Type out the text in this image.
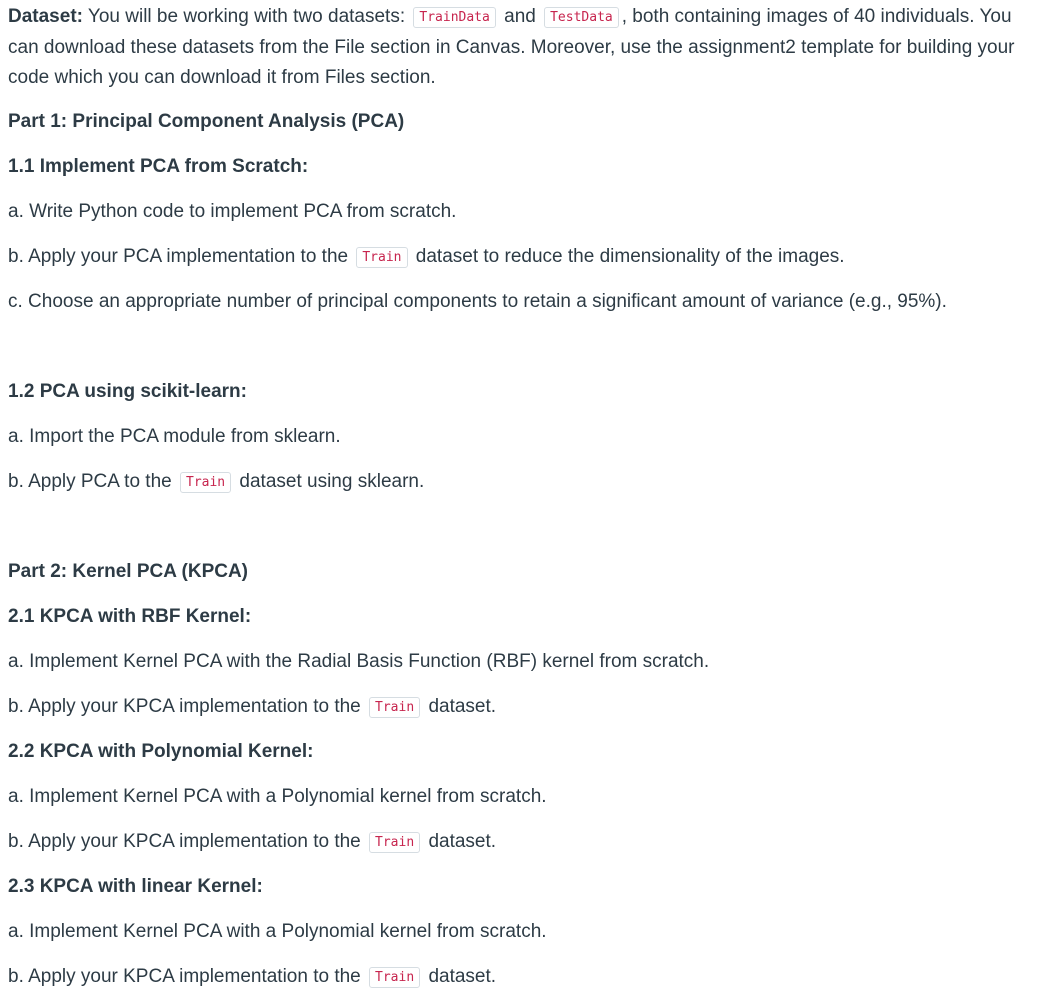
Dataset: You will be working with two datasets: TrainData and TestData , both containing images of 40 individuals. You can download these datasets from the File section in Canvas. Moreover, use the assignment2 template for building your code which you can download it from Files section.
Part 1: Principal Component Analysis (PCA)
1.1 Implement PCA from Scratch:
a. Write Python code to implement PCA from scratch.
b. Apply your PCA implementation to the Train dataset to reduce the dimensionality of the images.
c. Choose an appropriate number of principal components to retain a significant amount of variance (e.g., 95%).
1.2 PCA using scikit-learn:
a. Import the PCA module from sklearn.
b. Apply PCA to the Train dataset using sklearn.
Part 2: Kernel PCA (KPCA)
2.1 KPCA with RBF Kernel:
a. Implement Kernel PCA with the Radial Basis Function (RBF) kernel from scratch.
b. Apply your KPCA implementation to the Train dataset.
2.2 KPCA with Polynomial Kernel:
a. Implement Kernel PCA with a Polynomial kernel from scratch.
b. Apply your KPCA implementation to the Train dataset.
2.3 KPCA with linear Kernel:
a. Implement Kernel PCA with a Polynomial kernel from scratch.
b. Apply your KPCA implementation to the Train dataset.
